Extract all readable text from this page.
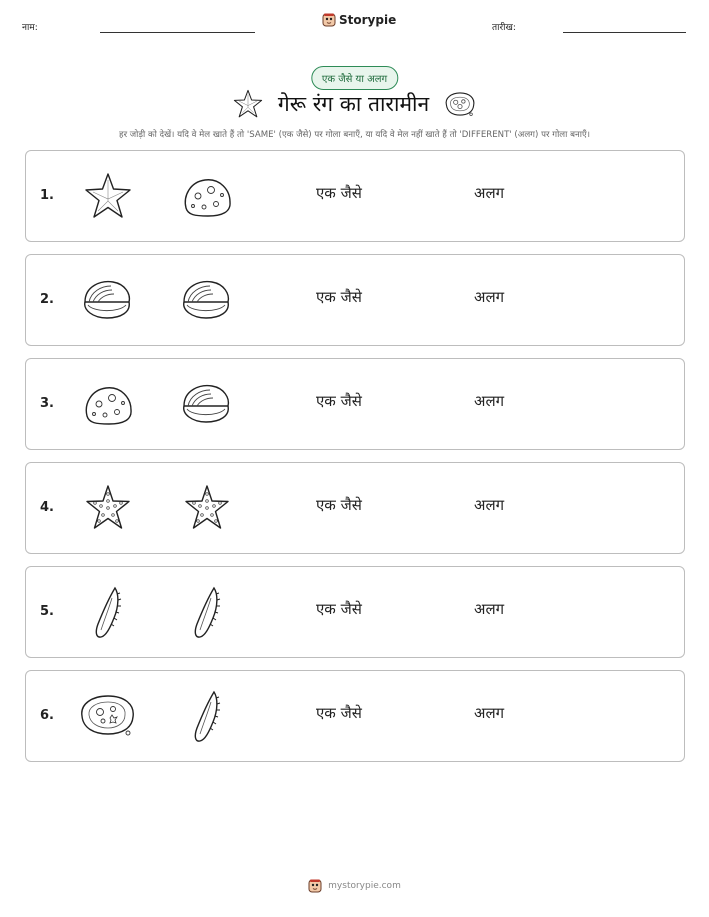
नाम:
Storypie
तारीख:
एक जैसे या अलग
गेरू रंग का तारामीन
हर जोड़ी को देखें। यदि वे मेल खाते हैं तो 'SAME' (एक जैसे) पर गोला बनाएँ, या यदि वे मेल नहीं खाते हैं तो 'DIFFERENT' (अलग) पर गोला बनाएँ।
1.	एक जैसे	अलग
2.	एक जैसे	अलग
3.	एक जैसे	अलग
4.	एक जैसे	अलग
5.	एक जैसे	अलग
6.	एक जैसे	अलग
mystorypie.com
